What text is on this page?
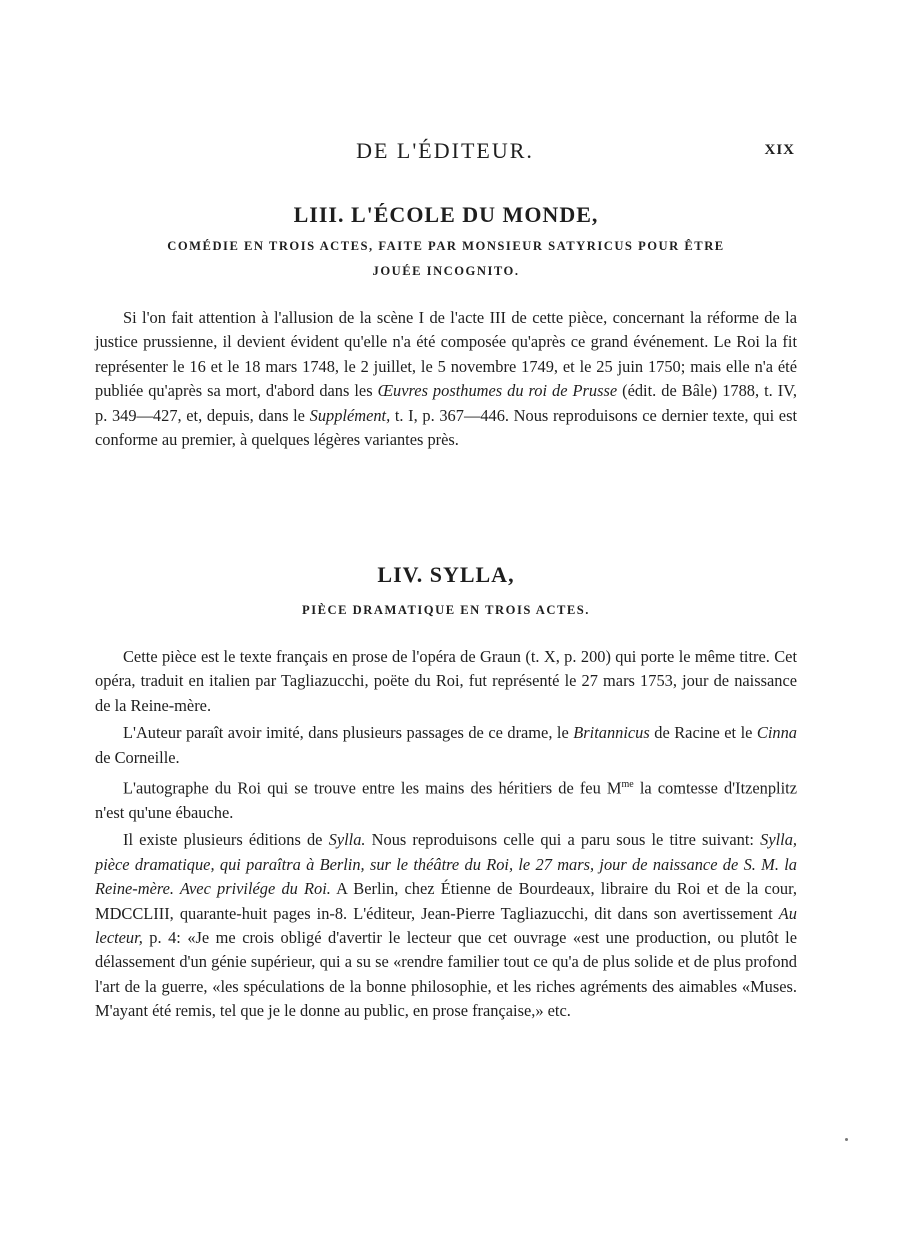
DE L'ÉDITEUR.	XIX
LIII. L'ÉCOLE DU MONDE,

COMÉDIE EN TROIS ACTES, FAITE PAR MONSIEUR SATYRICUS POUR ÊTRE
JOUÉE INCOGNITO.

Si l'on fait attention à l'allusion de la scène I de l'acte III de cette pièce, concernant la réforme de la justice prussienne, il devient évident qu'elle n'a été composée qu'après ce grand événement. Le Roi la fit représenter le 16 et le 18 mars 1748, le 2 juillet, le 5 novembre 1749, et le 25 juin 1750; mais elle n'a été publiée qu'après sa mort, d'abord dans les Œuvres posthumes du roi de Prusse (édit. de Bâle) 1788, t. IV, p. 349—427, et, depuis, dans le Supplément, t. I, p. 367—446. Nous reproduisons ce dernier texte, qui est conforme au premier, à quelques légères variantes près.

LIV. SYLLA,

PIÈCE DRAMATIQUE EN TROIS ACTES.

Cette pièce est le texte français en prose de l'opéra de Graun (t. X, p. 200) qui porte le même titre. Cet opéra, traduit en italien par Tagliazucchi, poëte du Roi, fut représenté le 27 mars 1753, jour de naissance de la Reine-mère.

L'Auteur paraît avoir imité, dans plusieurs passages de ce drame, le Britannicus de Racine et le Cinna de Corneille.

L'autographe du Roi qui se trouve entre les mains des héritiers de feu $M^{me}$ la comtesse d'Itzenplitz n'est qu'une ébauche.

Il existe plusieurs éditions de Sylla. Nous reproduisons celle qui a paru sous le titre suivant: Sylla, pièce dramatique, qui paraîtra à Berlin, sur le théâtre du Roi, le 27 mars, jour de naissance de S. M. la Reine-mère. Avec privilége du Roi. A Berlin, chez Étienne de Bourdeaux, libraire du Roi et de la cour, MDCCLIII, quarante-huit pages in-8. L'éditeur, Jean-Pierre Tagliazucchi, dit dans son avertissement Au lecteur, p. 4: «Je me crois obligé d'avertir le lecteur que cet ouvrage «est une production, ou plutôt le délassement d'un génie supérieur, qui a su se «rendre familier tout ce qu'a de plus solide et de plus profond l'art de la guerre, «les spéculations de la bonne philosophie, et les riches agréments des aimables «Muses. M'ayant été remis, tel que je le donne au public, en prose française,» etc.
